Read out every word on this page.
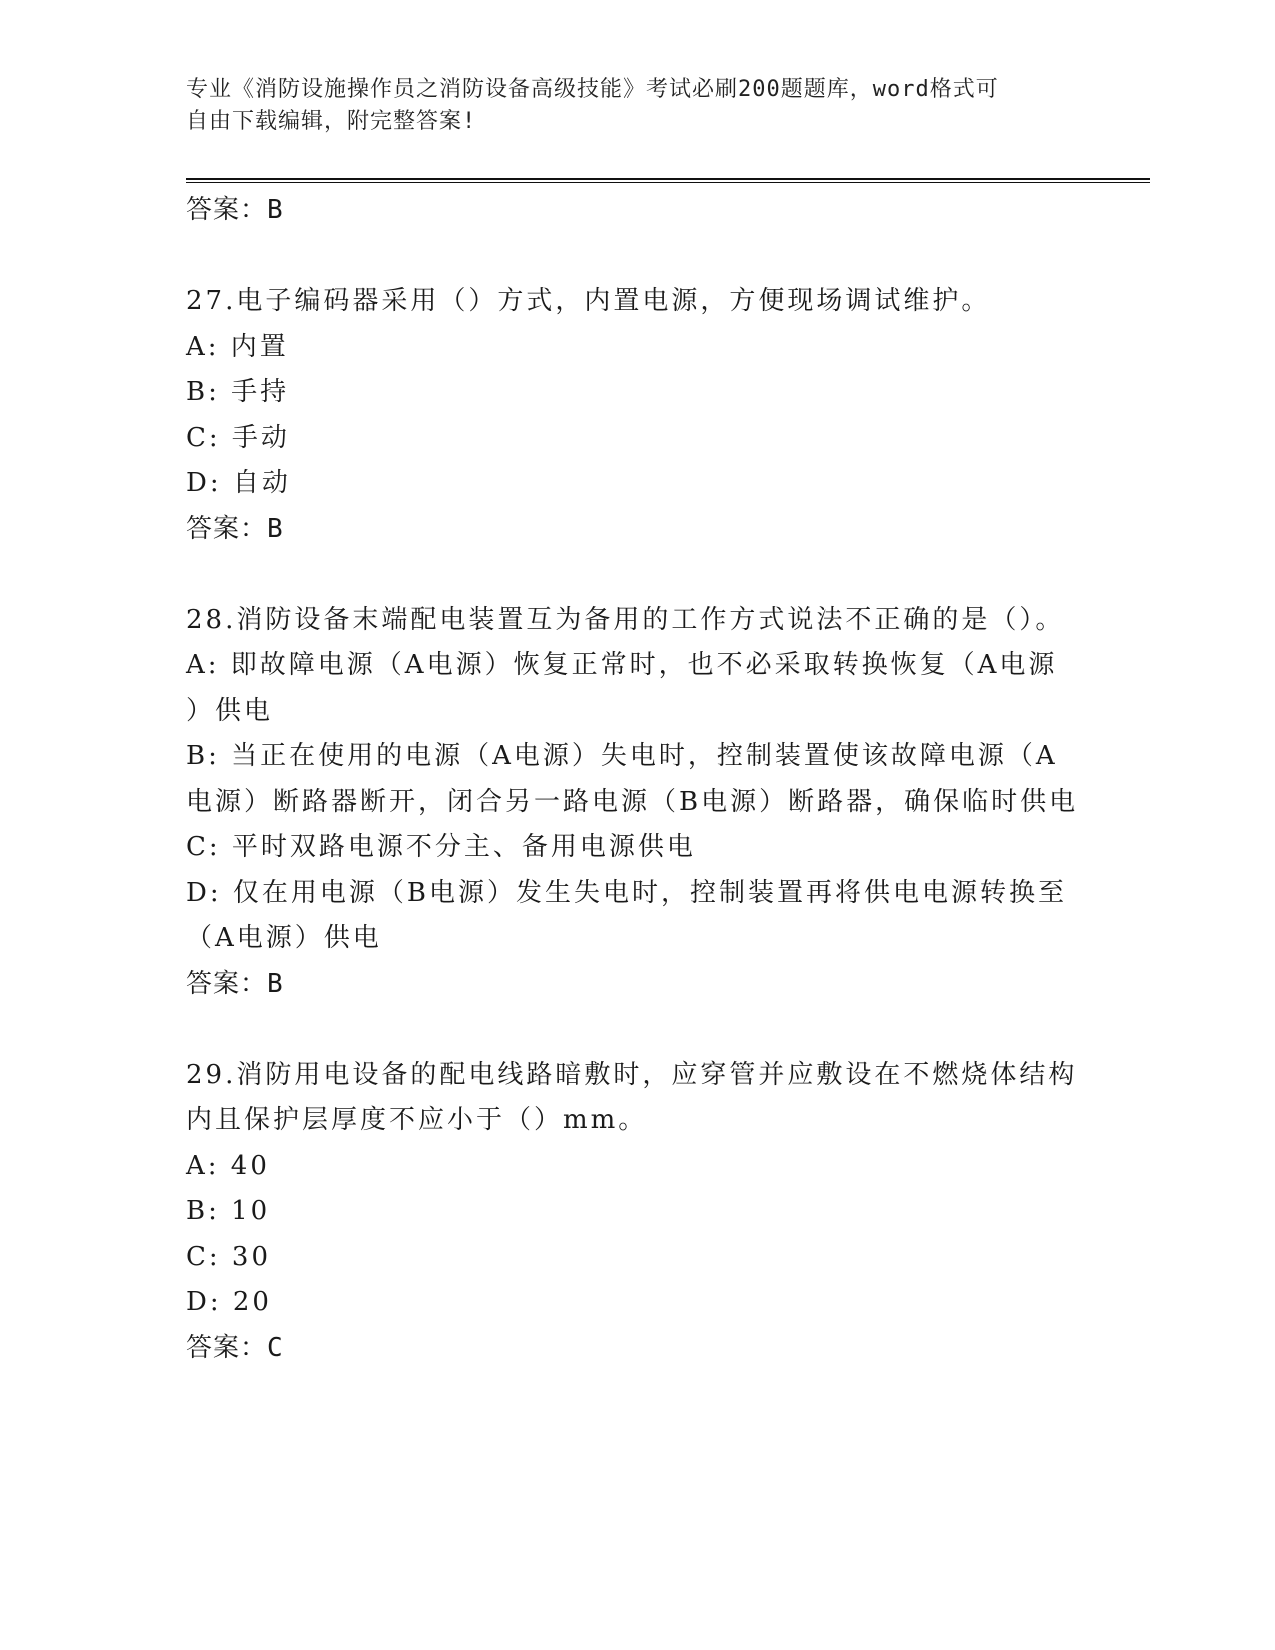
专业《消防设施操作员之消防设备高级技能》考试必刷200题题库，word格式可
自由下载编辑，附完整答案!
答案：B
27.电子编码器采用（）方式，内置电源，方便现场调试维护。
A: 内置
B: 手持
C: 手动
D: 自动
答案：B
28.消防设备末端配电装置互为备用的工作方式说法不正确的是（）。
A: 即故障电源（A电源）恢复正常时，也不必采取转换恢复（A电源
）供电
B: 当正在使用的电源（A电源）失电时，控制装置使该故障电源（A
电源）断路器断开，闭合另一路电源（B电源）断路器，确保临时供电
C: 平时双路电源不分主、备用电源供电
D: 仅在用电源（B电源）发生失电时，控制装置再将供电电源转换至
（A电源）供电
答案：B
29.消防用电设备的配电线路暗敷时，应穿管并应敷设在不燃烧体结构
内且保护层厚度不应小于（）mm。
A: 40
B: 10
C: 30
D: 20
答案：C
